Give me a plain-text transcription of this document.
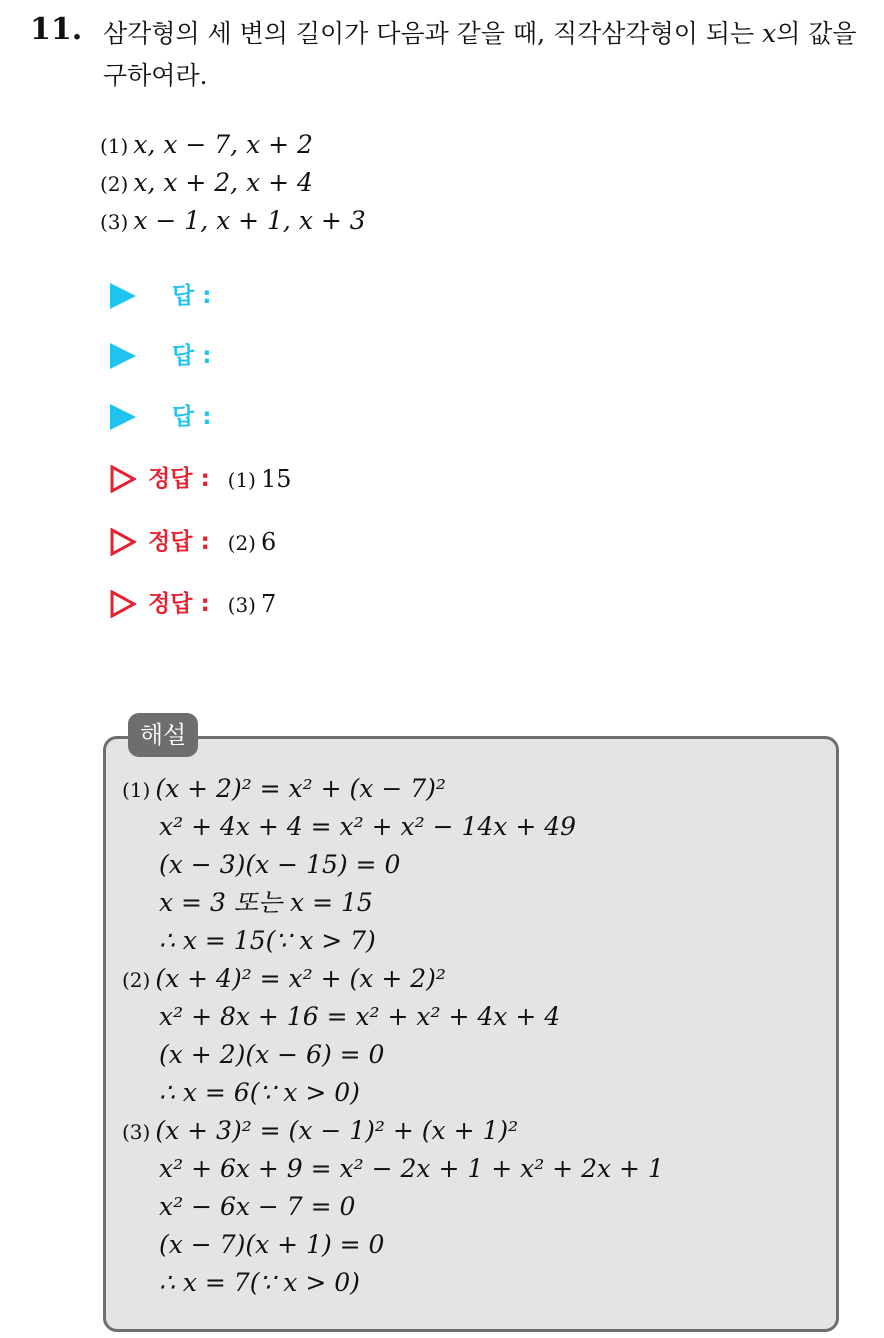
11. 삼각형의 세 변의 길이가 다음과 같을 때, 직각삼각형이 되는 x의 값을 구하여라.
(1) x, x − 7, x + 2
(2) x, x + 2, x + 4
(3) x − 1, x + 1, x + 3
답 :
답 :
답 :
정답 : (1) 15
정답 : (2) 6
정답 : (3) 7
해설
(1) (x + 2)² = x² + (x − 7)²
x² + 4x + 4 = x² + x² − 14x + 49
(x − 3)(x − 15) = 0
x = 3 또는 x = 15
∴ x = 15(∵ x > 7)
(2) (x + 4)² = x² + (x + 2)²
x² + 8x + 16 = x² + x² + 4x + 4
(x + 2)(x − 6) = 0
∴ x = 6(∵ x > 0)
(3) (x + 3)² = (x − 1)² + (x + 1)²
x² + 6x + 9 = x² − 2x + 1 + x² + 2x + 1
x² − 6x − 7 = 0
(x − 7)(x + 1) = 0
∴ x = 7(∵ x > 0)
